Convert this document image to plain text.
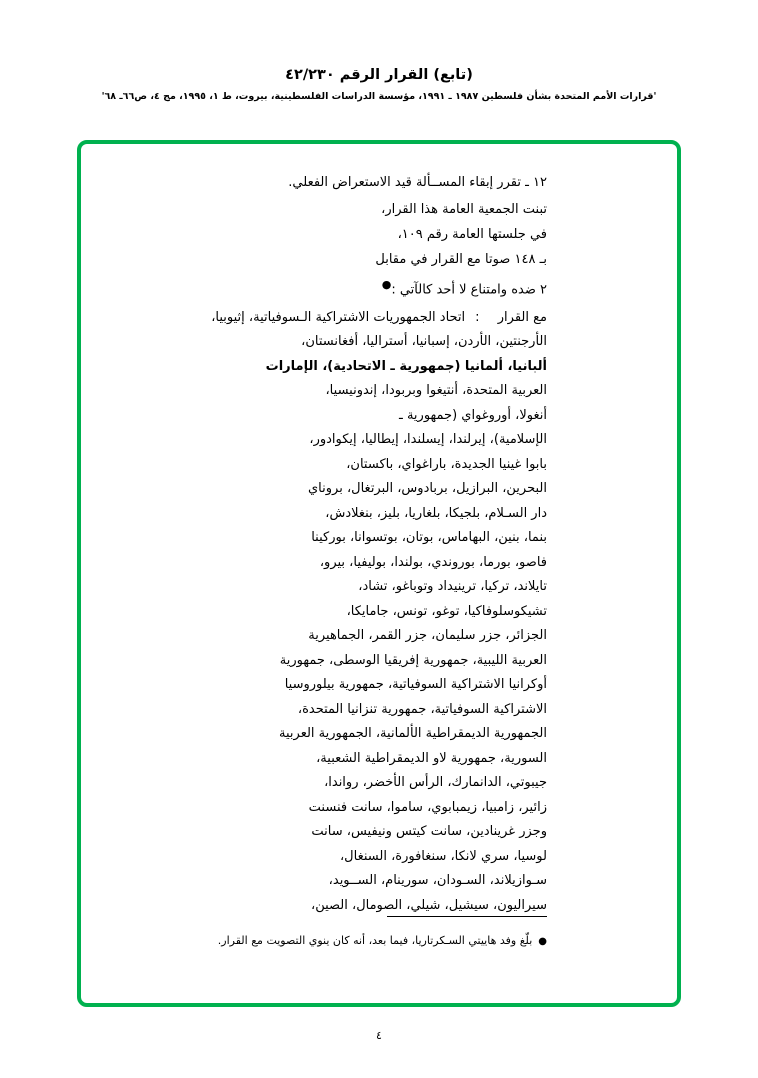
(تابع) القرار الرقم ٤٢/٢٣٠
'قرارات الأمم المتحدة بشأن فلسطين ١٩٨٧ ـ ١٩٩١، مؤسسة الدراسات الفلسطينية، بيروت، ط ١، ١٩٩٥، مج ٤، ص٦٦ـ ٦٨'
١٢ ـ تقرر إبقاء المســألة قيد الاستعراض الفعلي.
تبنت الجمعية العامة هذا القرار،
في جلستها العامة رقم ١٠٩،
بـ ١٤٨ صوتا مع القرار في مقابل
٢ ضده وامتناع لا أحد كالآتي :●
مع القرار:اتحاد الجمهوريات الاشتراكية الـسوفياتية، إثيوبيا،
الأرجنتين، الأردن، إسبانيا، أستراليا، أفغانستان،
ألبانيا، ألمانيا (جمهورية ـ الاتحادية)، الإمارات
العربية المتحدة، أنتيغوا وبربودا، إندونيسيا،
أنغولا، أوروغواي (جمهورية ـ
الإسلامية)، إيرلندا، إيسلندا، إيطاليا، إيكوادور،
بابوا غينيا الجديدة، باراغواي، باكستان،
البحرين، البرازيل، بربادوس، البرتغال، بروناي
دار السـلام، بلجيكا، بلغاريا، بليز، بنغلادش،
بنما، بنين، البهاماس، بوتان، بوتسوانا، بوركينا
فاصو، بورما، بوروندي، بولندا، بوليفيا، بيرو،
تايلاند، تركيا، ترينيداد وتوباغو، تشاد،
تشيكوسلوفاكيا، توغو، تونس، جامايكا،
الجزائر، جزر سليمان، جزر القمر، الجماهيرية
العربية الليبية، جمهورية إفريقيا الوسطى، جمهورية
أوكرانيا الاشتراكية السوفياتية، جمهورية بيلوروسيا
الاشتراكية السوفياتية، جمهورية تنزانيا المتحدة،
الجمهورية الديمقراطية الألمانية، الجمهورية العربية
السورية، جمهورية لاو الديمقراطية الشعبية،
جيبوتي، الدانمارك، الرأس الأخضر، رواندا،
زائير، زامبيا، زيمبابوي، ساموا، سانت فنسنت
وجزر غرينادين، سانت كيتس ونيفيس، سانت
لوسيا، سري لانكا، سنغافورة، السنغال،
سـوازيلاند، السـودان، سورينام، الســويد،
سيراليون، سيشيل، شيلي، الصومال، الصين،
●بلّغ وفد هاييتي السـكرتاريا، فيما بعد، أنه كان ينوي التصويت مع القرار.
٤
